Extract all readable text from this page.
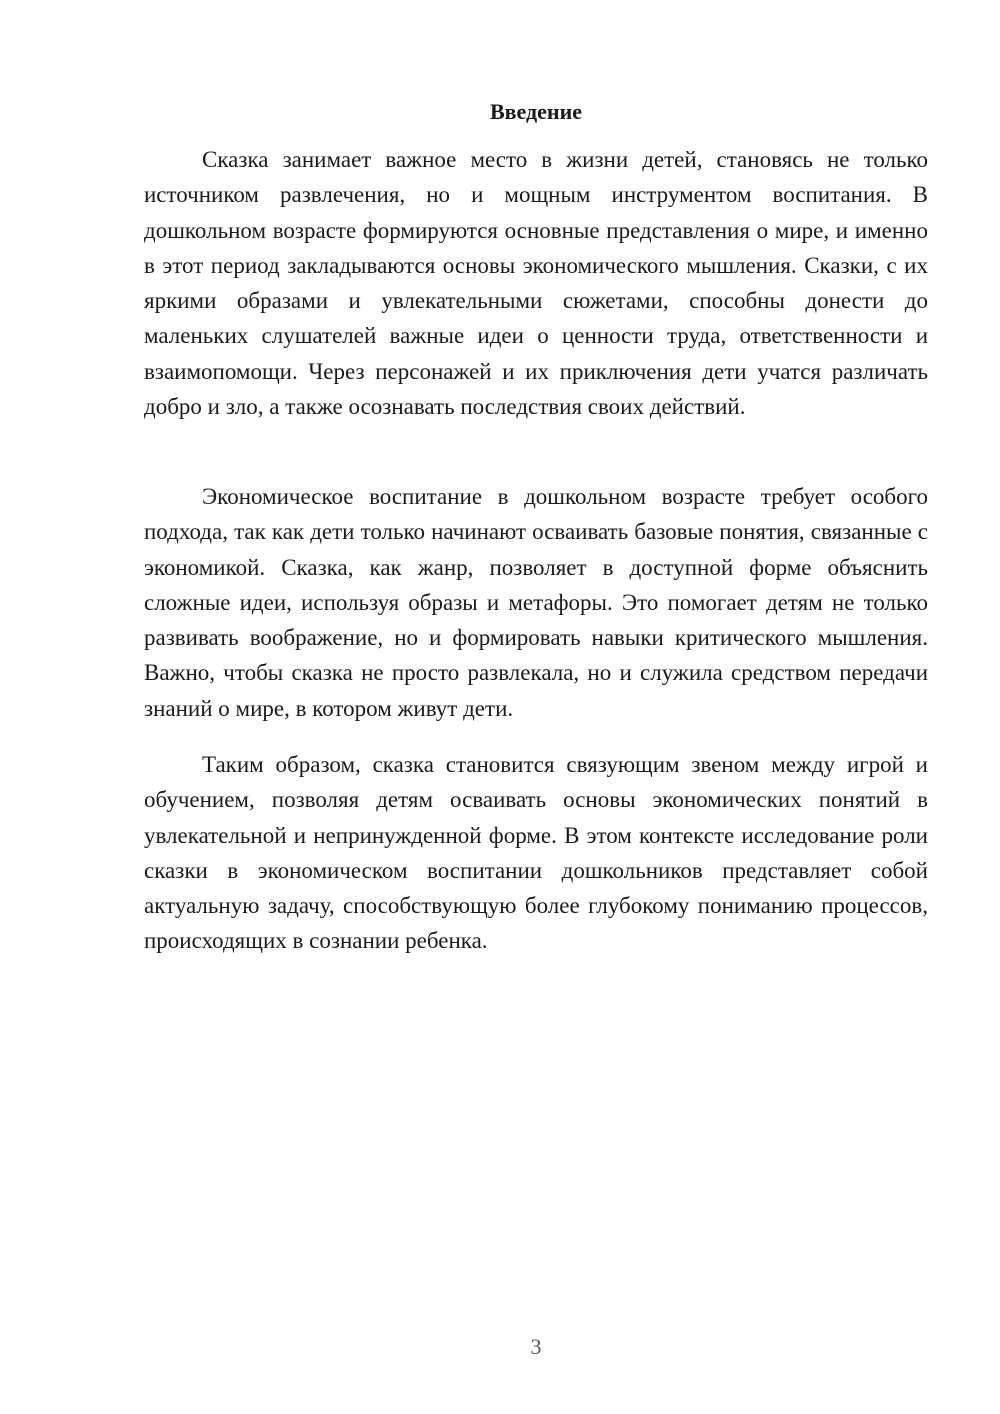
Введение

Сказка занимает важное место в жизни детей, становясь не только источником развлечения, но и мощным инструментом воспитания. В дошкольном возрасте формируются основные представления о мире, и именно в этот период закладываются основы экономического мышления. Сказки, с их яркими образами и увлекательными сюжетами, способны донести до маленьких слушателей важные идеи о ценности труда, ответственности и взаимопомощи. Через персонажей и их приключения дети учатся различать добро и зло, а также осознавать последствия своих действий.

Экономическое воспитание в дошкольном возрасте требует особого подхода, так как дети только начинают осваивать базовые понятия, связанные с экономикой. Сказка, как жанр, позволяет в доступной форме объяснить сложные идеи, используя образы и метафоры. Это помогает детям не только развивать воображение, но и формировать навыки критического мышления. Важно, чтобы сказка не просто развлекала, но и служила средством передачи знаний о мире, в котором живут дети.

Таким образом, сказка становится связующим звеном между игрой и обучением, позволяя детям осваивать основы экономических понятий в увлекательной и непринужденной форме. В этом контексте исследование роли сказки в экономическом воспитании дошкольников представляет собой актуальную задачу, способствующую более глубокому пониманию процессов, происходящих в сознании ребенка.

3
